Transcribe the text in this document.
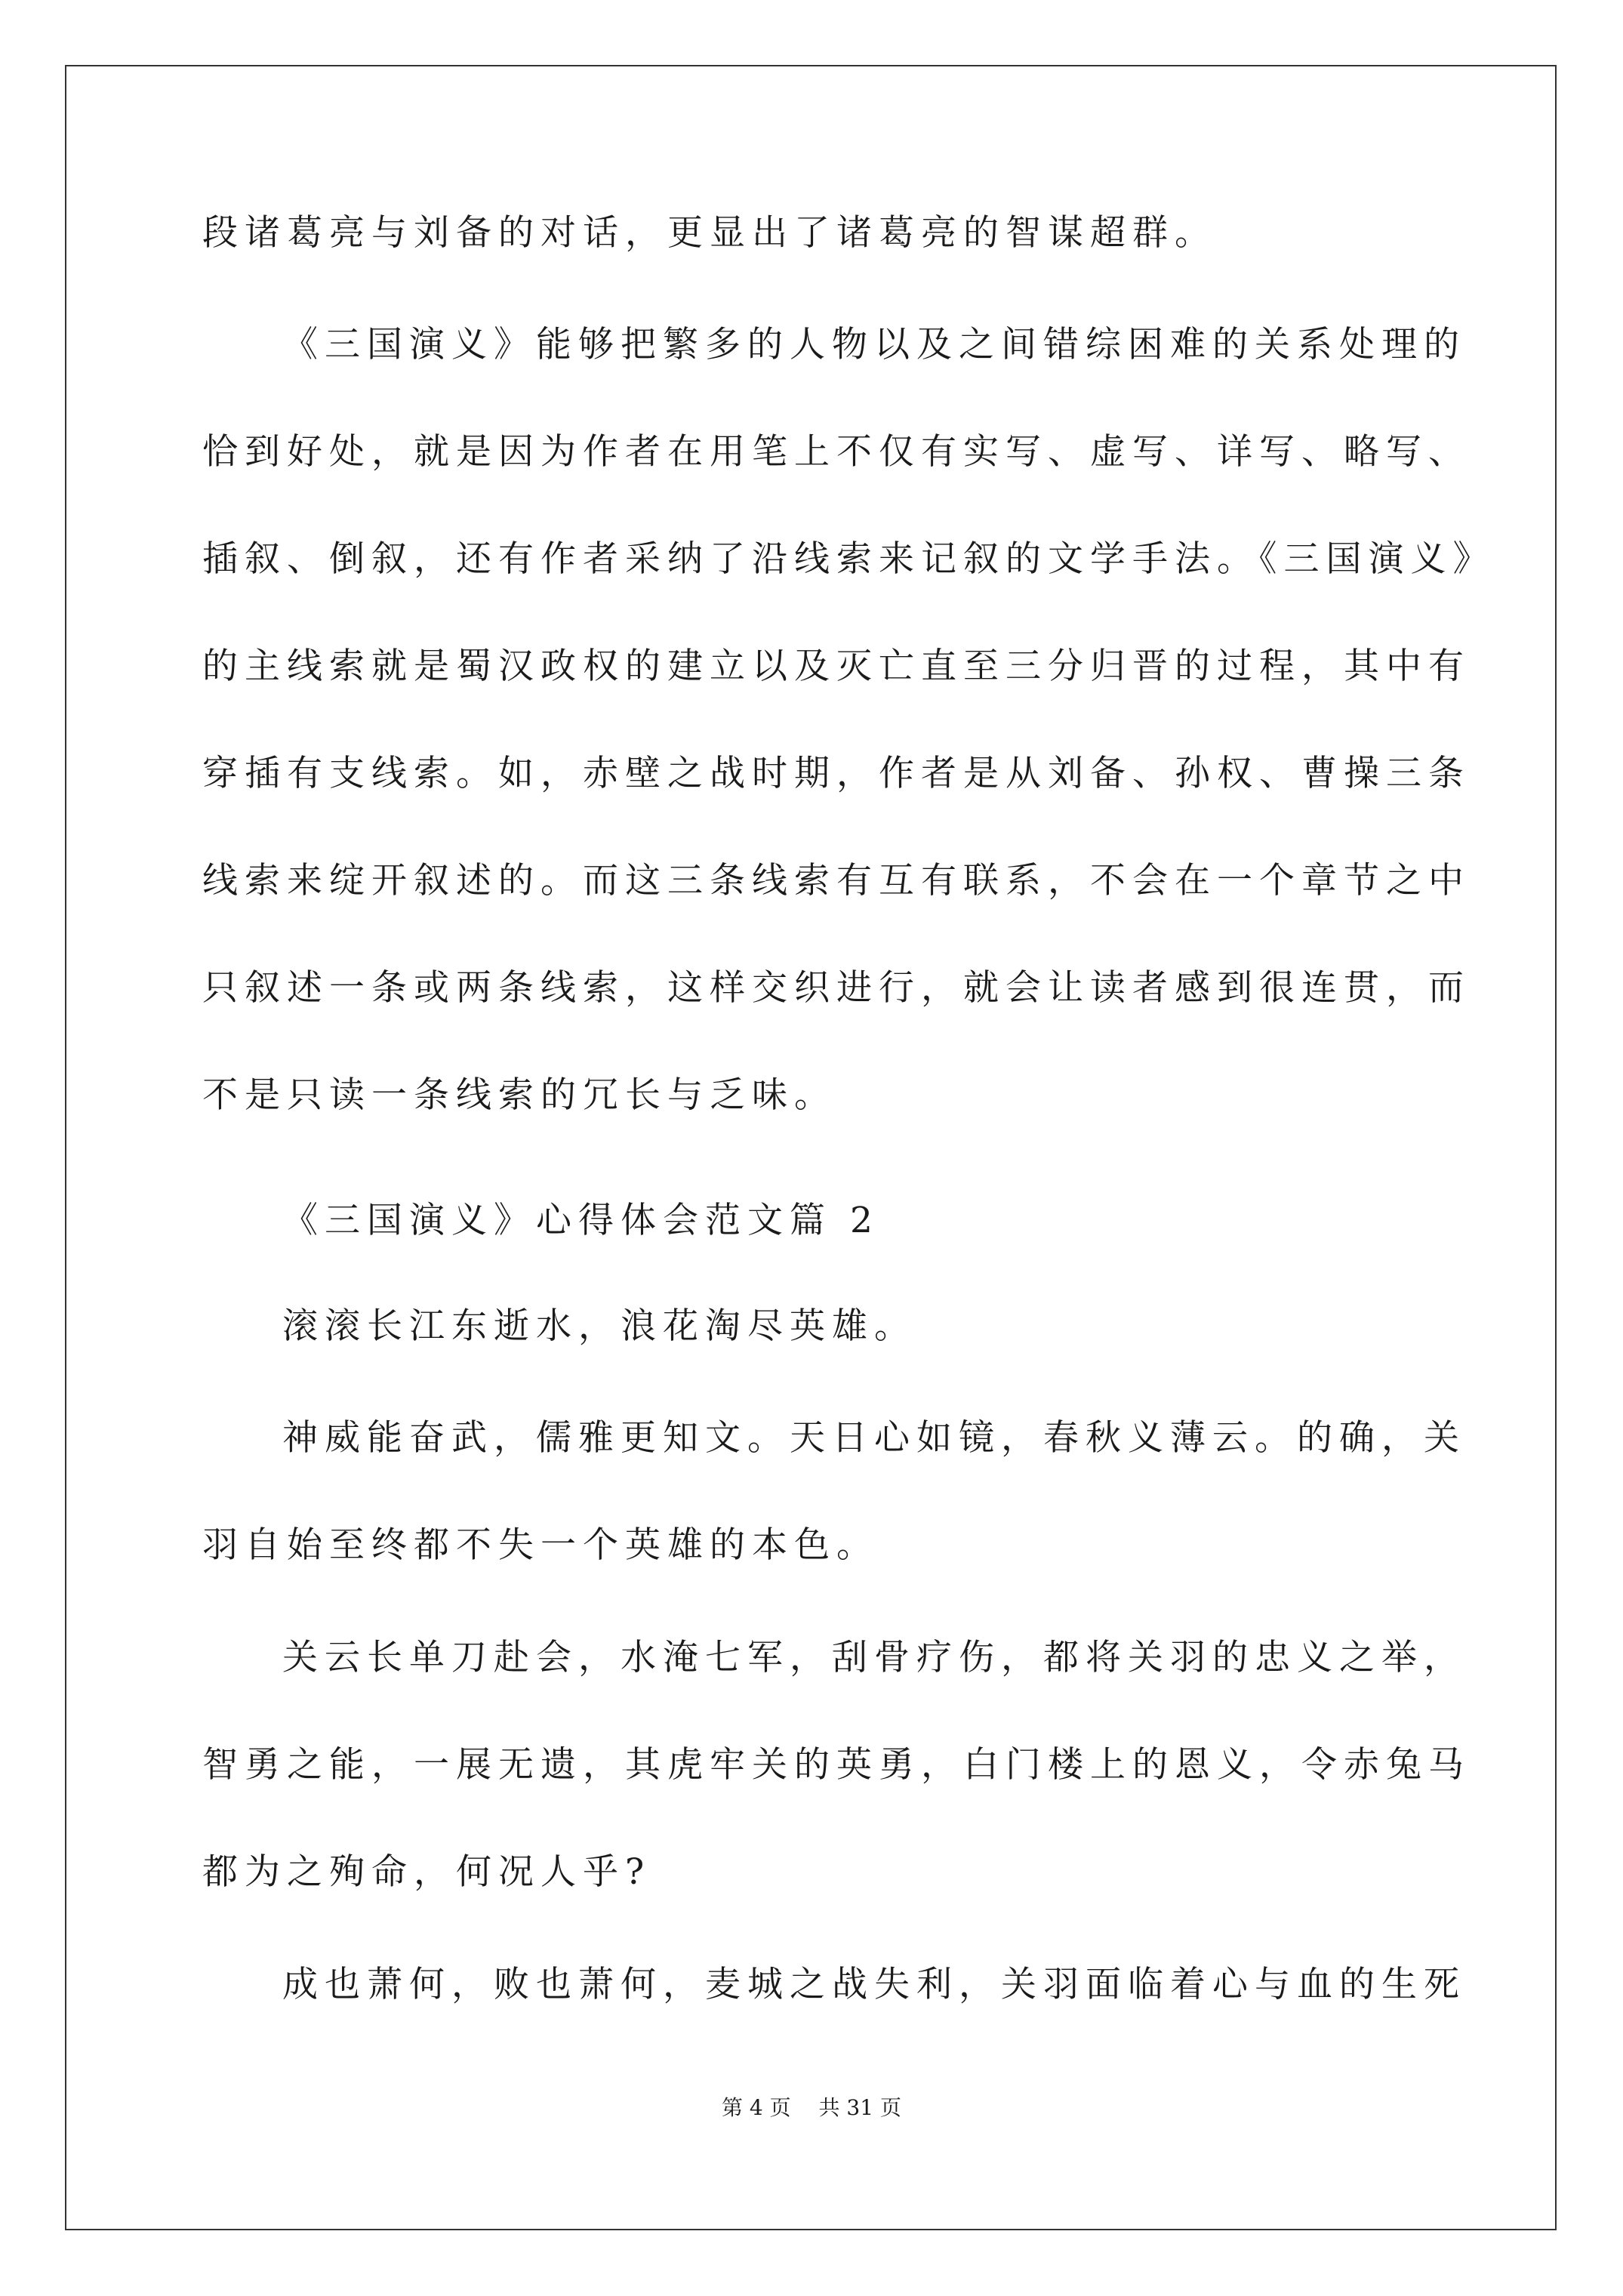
段诸葛亮与刘备的对话，更显出了诸葛亮的智谋超群。
《三国演义》能够把繁多的人物以及之间错综困难的关系处理的
恰到好处，就是因为作者在用笔上不仅有实写、虚写、详写、略写、
插叙、倒叙，还有作者采纳了沿线索来记叙的文学手法。《三国演义》
的主线索就是蜀汉政权的建立以及灭亡直至三分归晋的过程，其中有
穿插有支线索。如，赤壁之战时期，作者是从刘备、孙权、曹操三条
线索来绽开叙述的。而这三条线索有互有联系，不会在一个章节之中
只叙述一条或两条线索，这样交织进行，就会让读者感到很连贯，而
不是只读一条线索的冗长与乏味。
《三国演义》心得体会范文篇 2
滚滚长江东逝水，浪花淘尽英雄。
神威能奋武，儒雅更知文。天日心如镜，春秋义薄云。的确，关
羽自始至终都不失一个英雄的本色。
关云长单刀赴会，水淹七军，刮骨疗伤，都将关羽的忠义之举，
智勇之能，一展无遗，其虎牢关的英勇，白门楼上的恩义，令赤兔马
都为之殉命，何况人乎?
成也萧何，败也萧何，麦城之战失利，关羽面临着心与血的生死
第 4 页　 共 31 页
